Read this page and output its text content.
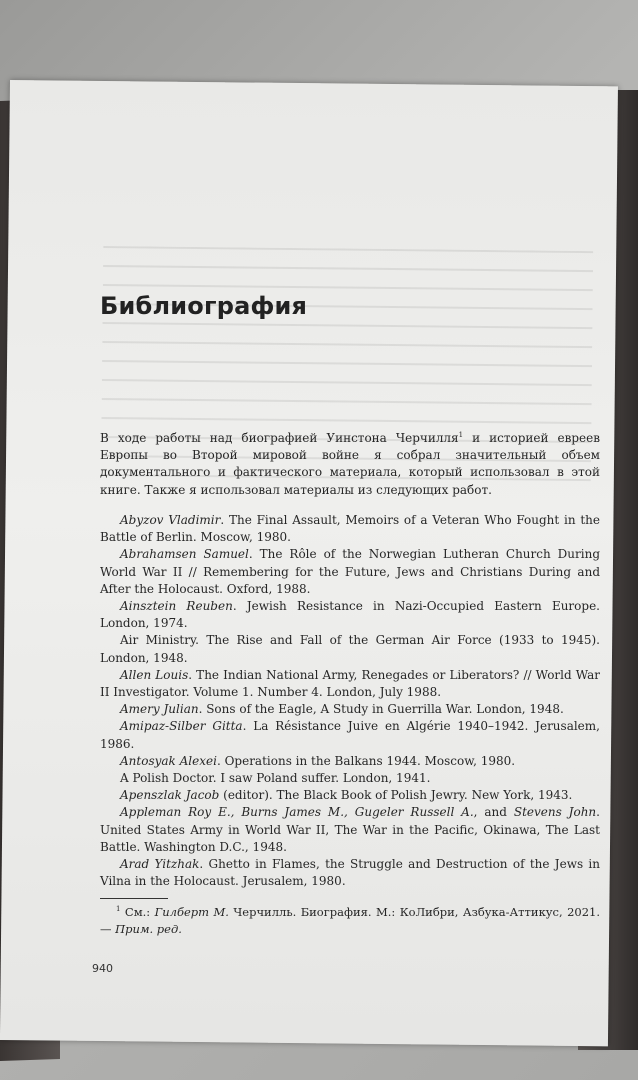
Библиография
В ходе работы над биографией Уинстона Черчилля$^1$ и историей евреев Европы во Второй мировой войне я собрал значительный объем документального и фактического материала, который использовал в этой книге. Также я использовал материалы из следующих работ.

Abyzov Vladimir. The Final Assault, Memoirs of a Veteran Who Fought in the Battle of Berlin. Moscow, 1980.

Abrahamsen Samuel. The Rôle of the Norwegian Lutheran Church During World War II // Remembering for the Future, Jews and Christians During and After the Holocaust. Oxford, 1988.

Ainsztein Reuben. Jewish Resistance in Nazi-Occupied Eastern Europe. London, 1974.

Air Ministry. The Rise and Fall of the German Air Force (1933 to 1945). London, 1948.

Allen Louis. The Indian National Army, Renegades or Liberators? // World War II Investigator. Volume 1. Number 4. London, July 1988.

Amery Julian. Sons of the Eagle, A Study in Guerrilla War. London, 1948.

Amipaz-Silber Gitta. La Résistance Juive en Algérie 1940–1942. Jerusalem, 1986.

Antosyak Alexei. Operations in the Balkans 1944. Moscow, 1980.

A Polish Doctor. I saw Poland suffer. London, 1941.

Apenszlak Jacob (editor). The Black Book of Polish Jewry. New York, 1943.

Appleman Roy E., Burns James M., Gugeler Russell A., and Stevens John. United States Army in World War II, The War in the Pacific, Okinawa, The Last Battle. Washington D.C., 1948.

Arad Yitzhak. Ghetto in Flames, the Struggle and Destruction of the Jews in Vilna in the Holocaust. Jerusalem, 1980.

$^1$ См.: Гилберт М. Черчилль. Биография. М.: КоЛибри, Азбука-Аттикус, 2021. — Прим. ред.
940
